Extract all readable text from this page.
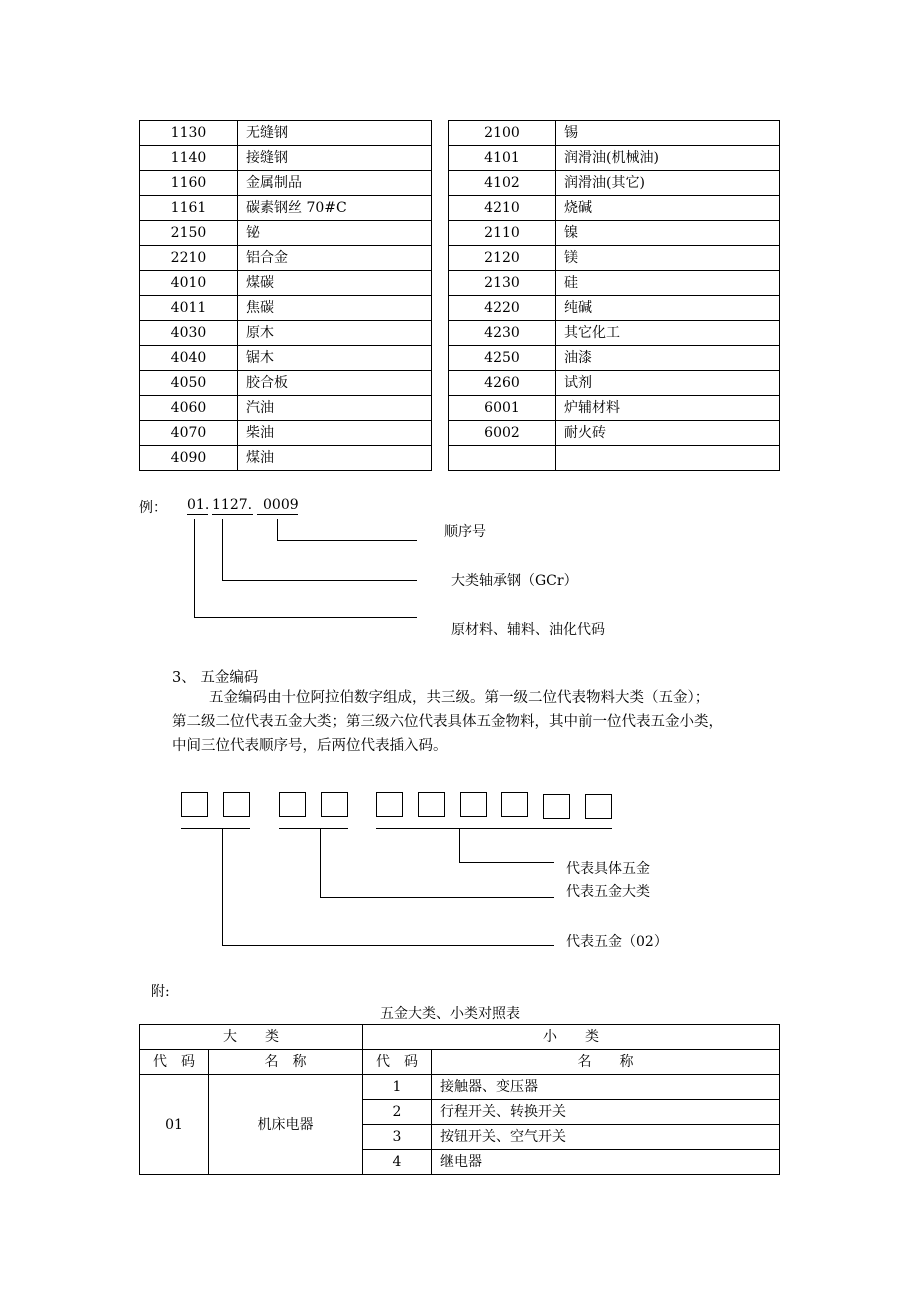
1130	无缝钢		2100	锡
1140	接缝钢		4101	润滑油(机械油)
1160	金属制品		4102	润滑油(其它)
1161	碳素钢丝 70#C		4210	烧碱
2150	铋		2110	镍
2210	铝合金		2120	镁
4010	煤碳		2130	硅
4011	焦碳		4220	纯碱
4030	原木		4230	其它化工
4040	锯木		4250	油漆
4050	胶合板		4260	试剂
4060	汽油		6001	炉辅材料
4070	柴油		6002	耐火砖
4090	煤油			
例： 01. 1127. 0009
顺序号
大类轴承钢（GCr）
原材料、辅料、油化代码
3、 五金编码
五金编码由十位阿拉伯数字组成，共三级。第一级二位代表物料大类（五金）；
第二级二位代表五金大类；第三级六位代表具体五金物料，其中前一位代表五金小类，
中间三位代表顺序号，后两位代表插入码。
代表具体五金
代表五金大类
代表五金（02）
附:
五金大类、小类对照表
大　　类		小　　类	
代　码	名　称	代　码	名　　称
01	机床电器	1	接触器、变压器
		2	行程开关、转换开关
		3	按钮开关、空气开关
		4	继电器
